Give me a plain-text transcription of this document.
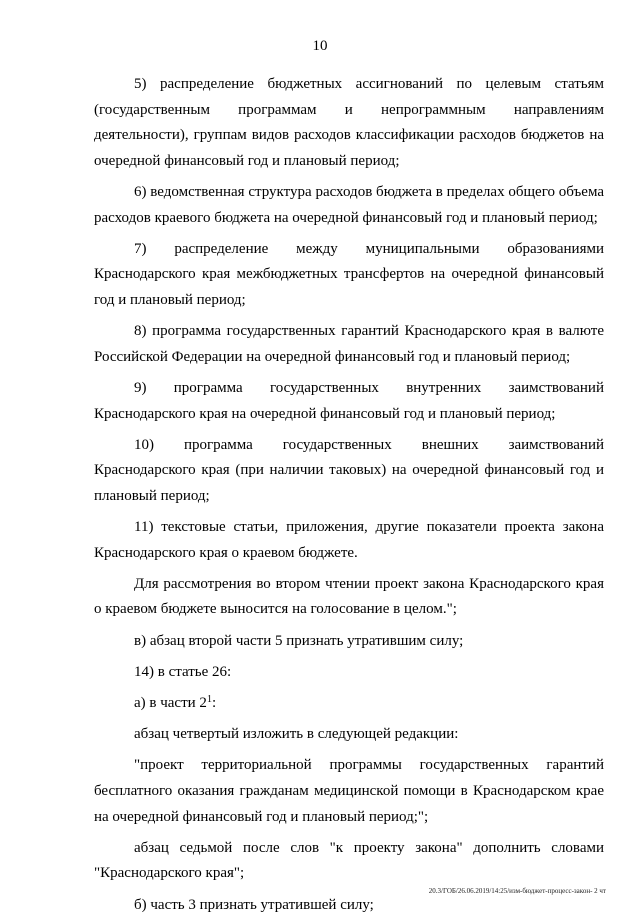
10

5) распределение бюджетных ассигнований по целевым статьям (государственным программам и непрограммным направлениям деятельности), группам видов расходов классификации расходов бюджетов на очередной финансовый год и плановый период;

6) ведомственная структура расходов бюджета в пределах общего объема расходов краевого бюджета на очередной финансовый год и плановый период;

7) распределение между муниципальными образованиями Краснодарского края межбюджетных трансфертов на очередной финансовый год и плановый период;

8) программа государственных гарантий Краснодарского края в валюте Российской Федерации на очередной финансовый год и плановый период;

9) программа государственных внутренних заимствований Краснодарского края на очередной финансовый год и плановый период;

10) программа государственных внешних заимствований Краснодарского края (при наличии таковых) на очередной финансовый год и плановый период;

11) текстовые статьи, приложения, другие показатели проекта закона Краснодарского края о краевом бюджете.

Для рассмотрения во втором чтении проект закона Краснодарского края о краевом бюджете выносится на голосование в целом.";

в) абзац второй части 5 признать утратившим силу;

14) в статье 26:

а) в части $2^1$:

абзац четвертый изложить в следующей редакции:

"проект территориальной программы государственных гарантий бесплатного оказания гражданам медицинской помощи в Краснодарском крае на очередной финансовый год и плановый период;";

абзац седьмой после слов "к проекту закона" дополнить словами "Краснодарского края";

б) часть 3 признать утратившей силу;

20.3/ГОБ/26.06.2019/14:25/изм-бюджет-процесс-закон- 2 чт
